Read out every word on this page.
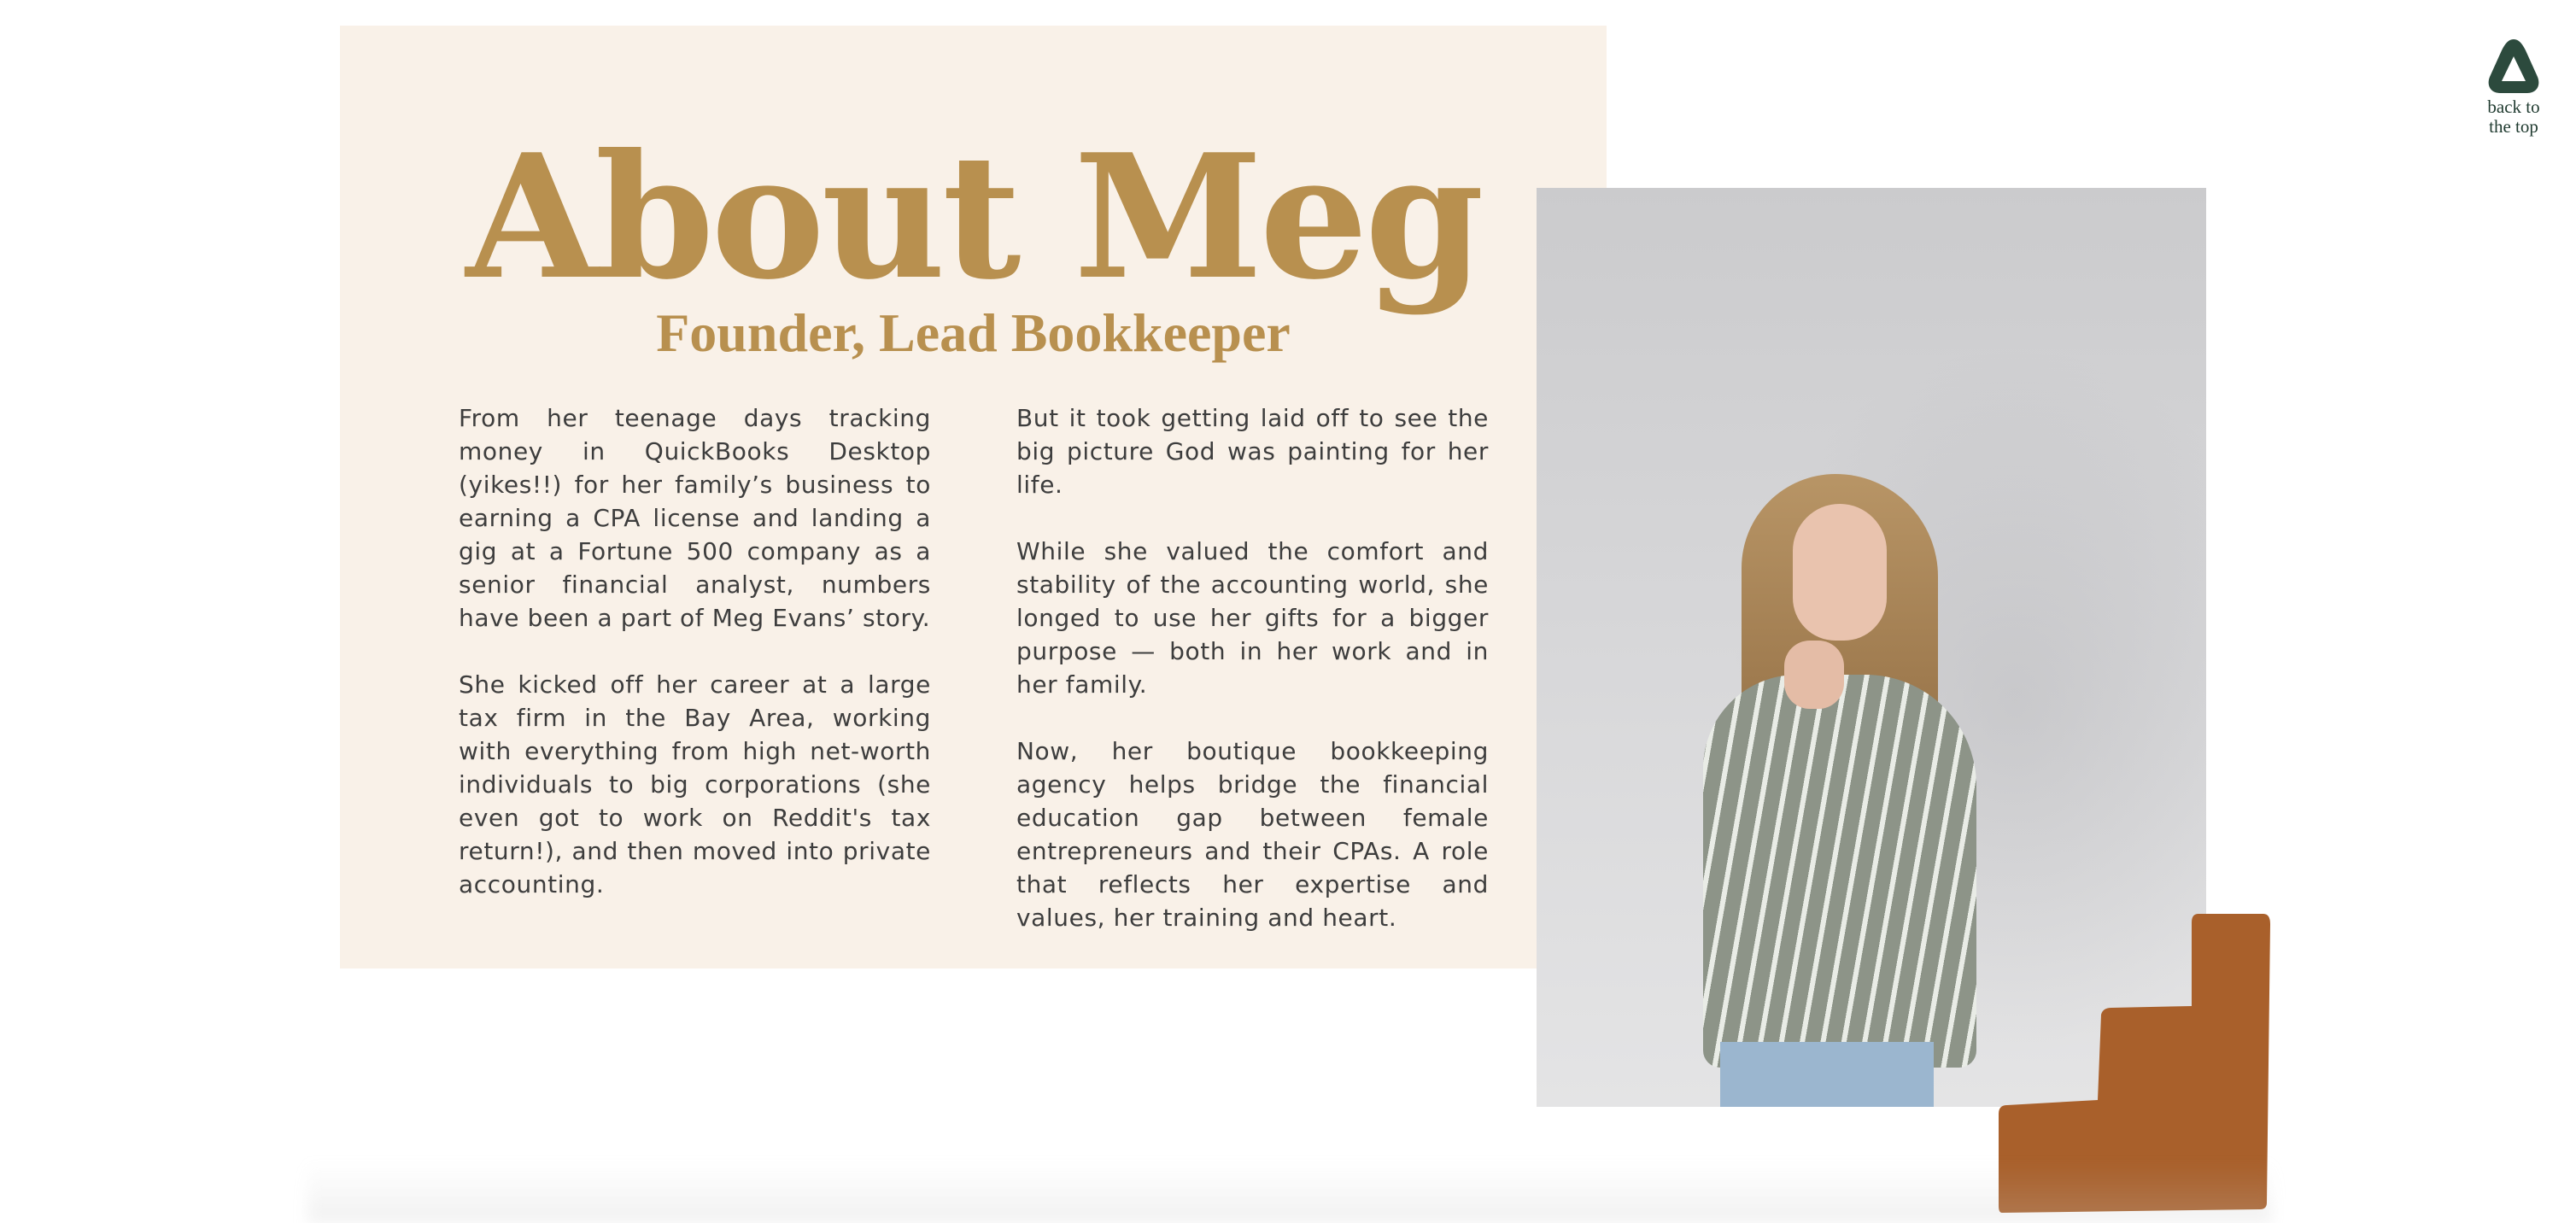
About Meg
Founder, Lead Bookkeeper

From her teenage days tracking money in QuickBooks Desktop (yikes!!) for her family’s business to earning a CPA license and landing a gig at a Fortune 500 company as a senior financial analyst, numbers have been a part of Meg Evans’ story.

She kicked off her career at a large tax firm in the Bay Area, working with everything from high net-worth individuals to big corporations (she even got to work on Reddit's tax return!), and then moved into private accounting.

But it took getting laid off to see the big picture God was painting for her life.

While she valued the comfort and stability of the accounting world, she longed to use her gifts for a bigger purpose — both in her work and in her family.

Now, her boutique bookkeeping agency helps bridge the financial education gap between female entrepreneurs and their CPAs. A role that reflects her expertise and values, her training and heart.

back to
the top
